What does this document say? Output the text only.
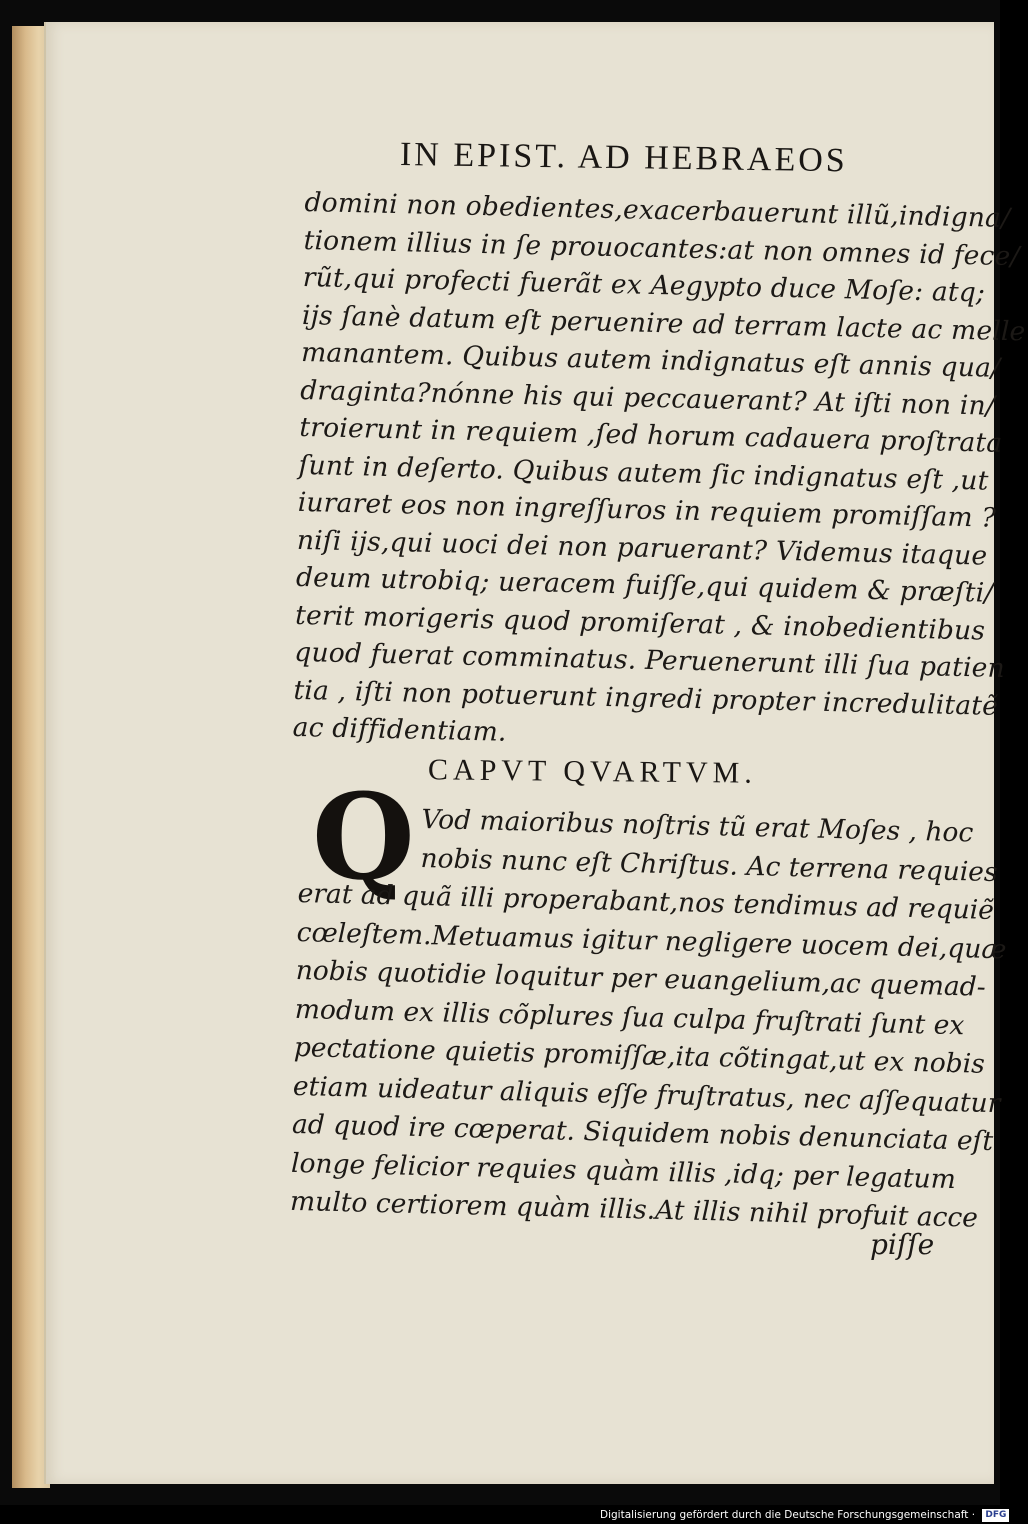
IN EPIST. AD HEBRAEOS
domini non obedientes,exacerbauerunt illũ,indigna/
tionem illius in ſe prouocantes:at non omnes id fece/
rũt,qui profecti fuerãt ex Aegypto duce Moſe: atq;
ijs ſanè datum eſt peruenire ad terram lacte ac melle
manantem. Quibus autem indignatus eſt annis qua/
draginta?nónne his qui peccauerant? At iſti non in/
troierunt in requiem ,ſed horum cadauera proſtrata
ſunt in deſerto. Quibus autem ſic indignatus eſt ,ut
iuraret eos non ingreſſuros in requiem promiſſam ?
niſi ijs,qui uoci dei non paruerant? Videmus itaque
deum utrobiq; ueracem fuiſſe,qui quidem & præſti/
terit morigeris quod promiſerat , & inobedientibus
quod fuerat comminatus. Peruenerunt illi ſua patien
tia , iſti non potuerunt ingredi propter incredulitatẽ
ac diffidentiam.
CAPVT QVARTVM.
Q Vod maioribus noſtris tũ erat Moſes , hoc
nobis nunc eſt Chriſtus. Ac terrena requies
erat ad quã illi properabant,nos tendimus ad requiẽ
cœleſtem.Metuamus igitur negligere uocem dei,quæ
nobis quotidie loquitur per euangelium,ac quemad-
modum ex illis cõplures ſua culpa fruſtrati ſunt ex
pectatione quietis promiſſæ,ita cõtingat,ut ex nobis
etiam uideatur aliquis eſſe fruſtratus, nec aſſequatur
ad quod ire cœperat. Siquidem nobis denunciata eſt
longe felicior requies quàm illis ,idq; per legatum
multo certiorem quàm illis.At illis nihil profuit acce
piſſe
Digitalisierung gefördert durch die Deutsche Forschungsgemeinschaft · DFG
